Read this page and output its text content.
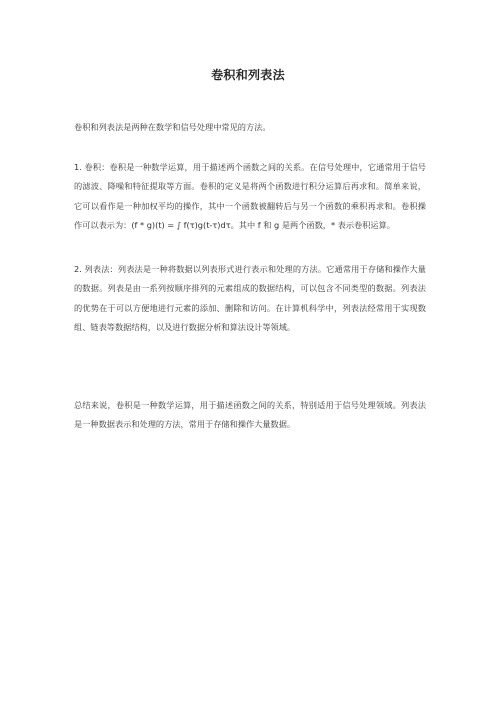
卷积和列表法

卷积和列表法是两种在数学和信号处理中常见的方法。

1. 卷积：卷积是一种数学运算，用于描述两个函数之间的关系。在信号处理中，它通常用于信号的滤波、降噪和特征提取等方面。卷积的定义是将两个函数进行积分运算后再求和。简单来说，它可以看作是一种加权平均的操作，其中一个函数被翻转后与另一个函数的乘积再求和。卷积操作可以表示为：(f * g)(t) = ∫ f(τ)g(t-τ)dτ。其中 f 和 g 是两个函数，* 表示卷积运算。

2. 列表法：列表法是一种将数据以列表形式进行表示和处理的方法。它通常用于存储和操作大量的数据。列表是由一系列按顺序排列的元素组成的数据结构，可以包含不同类型的数据。列表法的优势在于可以方便地进行元素的添加、删除和访问。在计算机科学中，列表法经常用于实现数组、链表等数据结构，以及进行数据分析和算法设计等领域。

总结来说，卷积是一种数学运算，用于描述函数之间的关系，特别适用于信号处理领域。列表法是一种数据表示和处理的方法，常用于存储和操作大量数据。
